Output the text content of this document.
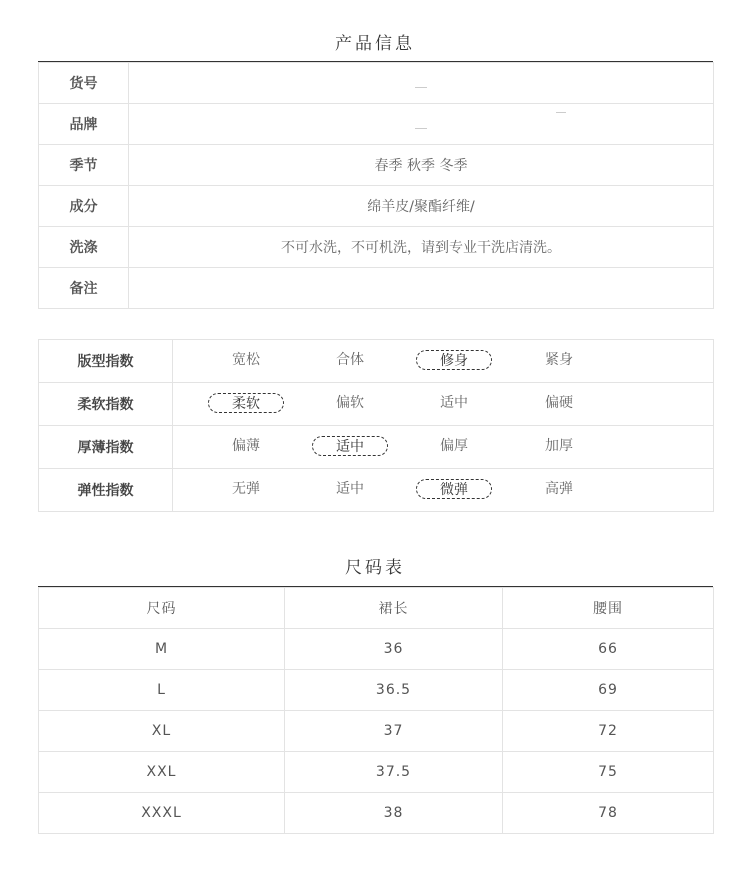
产品信息
货号	
品牌	

季节	春季 秋季 冬季
成分	绵羊皮/聚酯纤维/
洗涤	不可水洗，不可机洗，请到专业干洗店清洗。
备注	
版型指数	宽松 合体 修身 紧身

柔软指数	柔软 偏软 适中 偏硬

厚薄指数	偏薄 适中 偏厚 加厚

弹性指数	无弹 适中 微弹 高弹
尺码表
尺码	裙长	腰围
M	36	66
L	36.5	69
XL	37	72
XXL	37.5	75
XXXL	38	78
